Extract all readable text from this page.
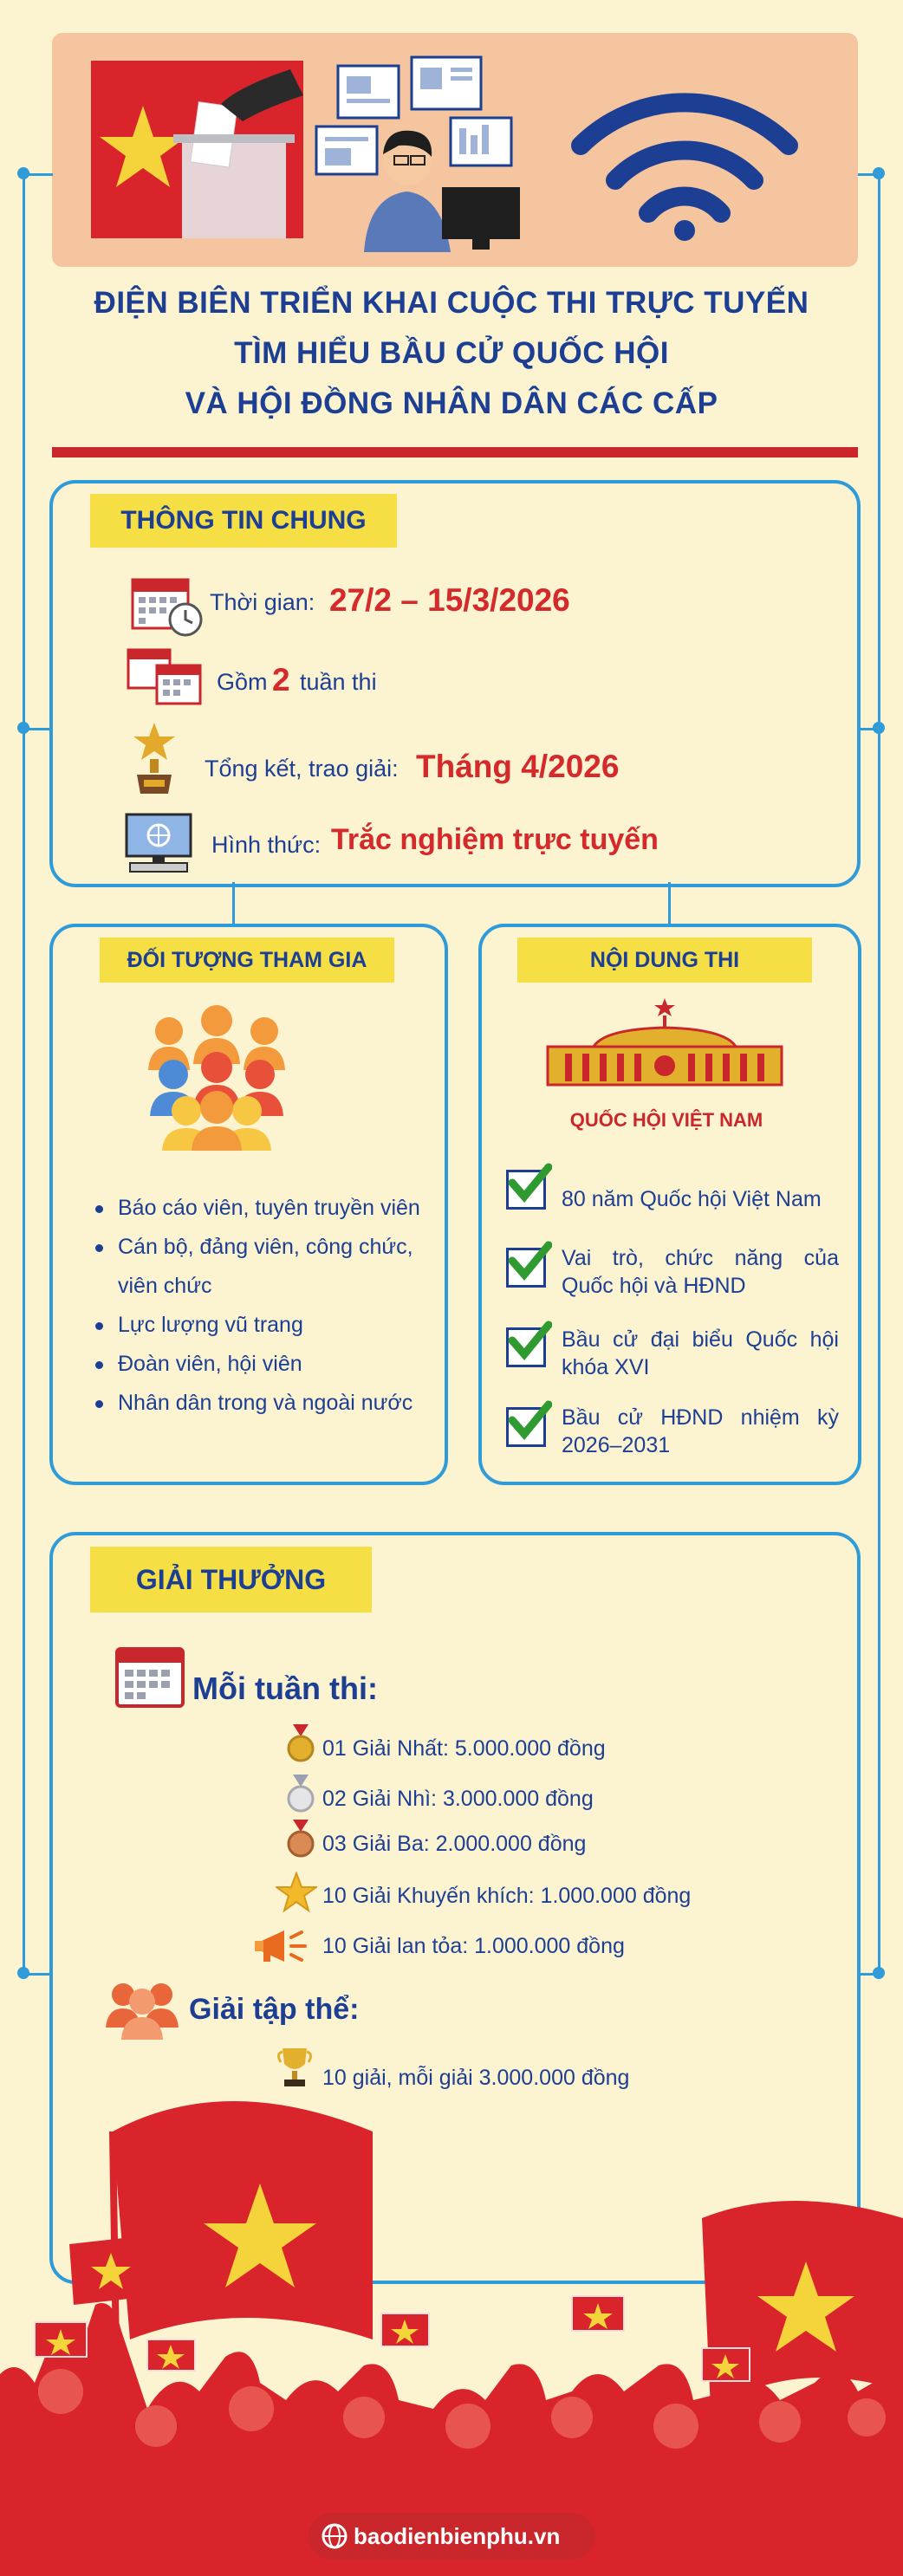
ĐIỆN BIÊN TRIỂN KHAI CUỘC THI TRỰC TUYẾN
TÌM HIỂU BẦU CỬ QUỐC HỘI
VÀ HỘI ĐỒNG NHÂN DÂN CÁC CẤP
THÔNG TIN CHUNG
Thời gian: 27/2 – 15/3/2026
Gồm 2 tuần thi
Tổng kết, trao giải: Tháng 4/2026
Hình thức: Trắc nghiệm trực tuyến
ĐỐI TƯỢNG THAM GIA
Báo cáo viên, tuyên truyền viên
Cán bộ, đảng viên, công chức,
viên chức
Lực lượng vũ trang
Đoàn viên, hội viên
Nhân dân trong và ngoài nước
NỘI DUNG THI
QUỐC HỘI VIỆT NAM
80 năm Quốc hội Việt Nam
Vai trò, chức năng của
Quốc hội và HĐND
Bầu cử đại biểu Quốc hội
khóa XVI
Bầu cử HĐND nhiệm kỳ
2026–2031
GIẢI THƯỞNG
Mỗi tuần thi:
01 Giải Nhất: 5.000.000 đồng
02 Giải Nhì: 3.000.000 đồng
03 Giải Ba: 2.000.000 đồng
10 Giải Khuyến khích: 1.000.000 đồng
10 Giải lan tỏa: 1.000.000 đồng
Giải tập thể:
10 giải, mỗi giải 3.000.000 đồng
baodienbienphu.vn
